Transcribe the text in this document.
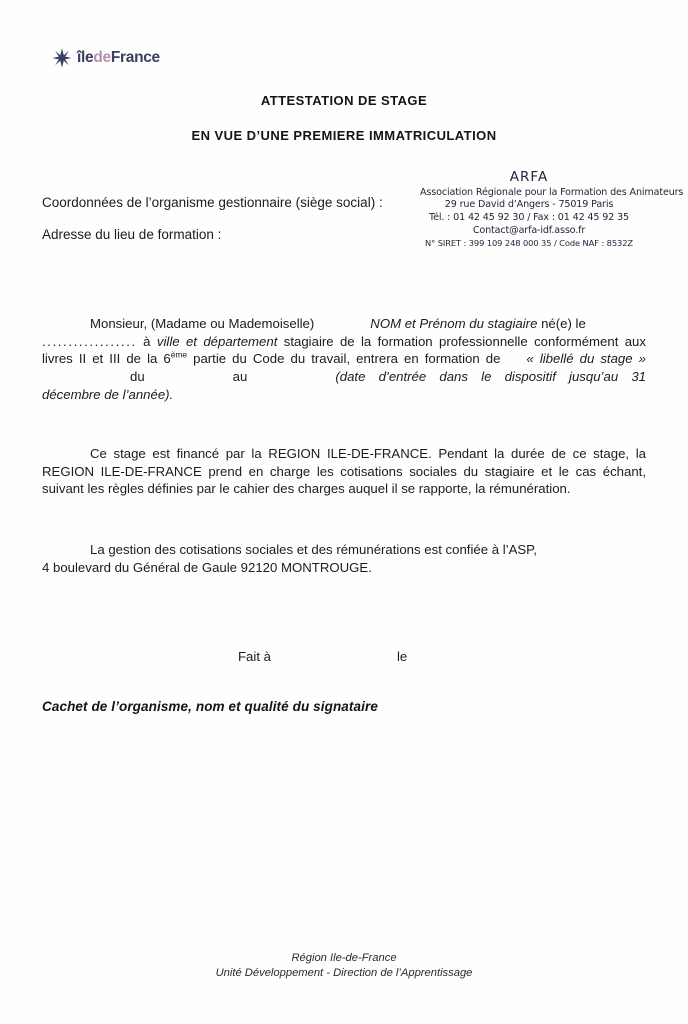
îledeFrance
ATTESTATION DE STAGE
EN VUE D’UNE PREMIERE IMMATRICULATION
Coordonnées de l’organisme gestionnaire (siège social) :
Adresse du lieu de formation :
ARFA
Association Régionale pour la Formation des Animateurs
29 rue David d’Angers - 75019 Paris
Tél. : 01 42 45 92 30 / Fax : 01 42 45 92 35
Contact@arfa-idf.asso.fr
N° SIRET : 399 109 248 000 35 / Code NAF : 8532Z

Monsieur, (Madame ou Mademoiselle)	NOM et Prénom du stagiaire né(e) le
.................. à ville et département stagiaire de la formation professionnelle conformément aux livres II et III de la 6ème partie du Code du travail, entrera en formation de « libellé du stage »du	au	(date d’entrée dans le dispositif jusqu’au 31 décembre de l’année).

Ce stage est financé par la REGION ILE-DE-FRANCE. Pendant la durée de ce stage, la REGION ILE-DE-FRANCE prend en charge les cotisations sociales du stagiaire et le cas échant, suivant les règles définies par le cahier des charges auquel il se rapporte, la rémunération.

La gestion des cotisations sociales et des rémunérations est confiée à l’ASP,
4 boulevard du Général de Gaule 92120 MONTROUGE.

Fait à	le
Cachet de l’organisme, nom et qualité du signataire
Région Ile-de-France
Unité Développement - Direction de l’Apprentissage
